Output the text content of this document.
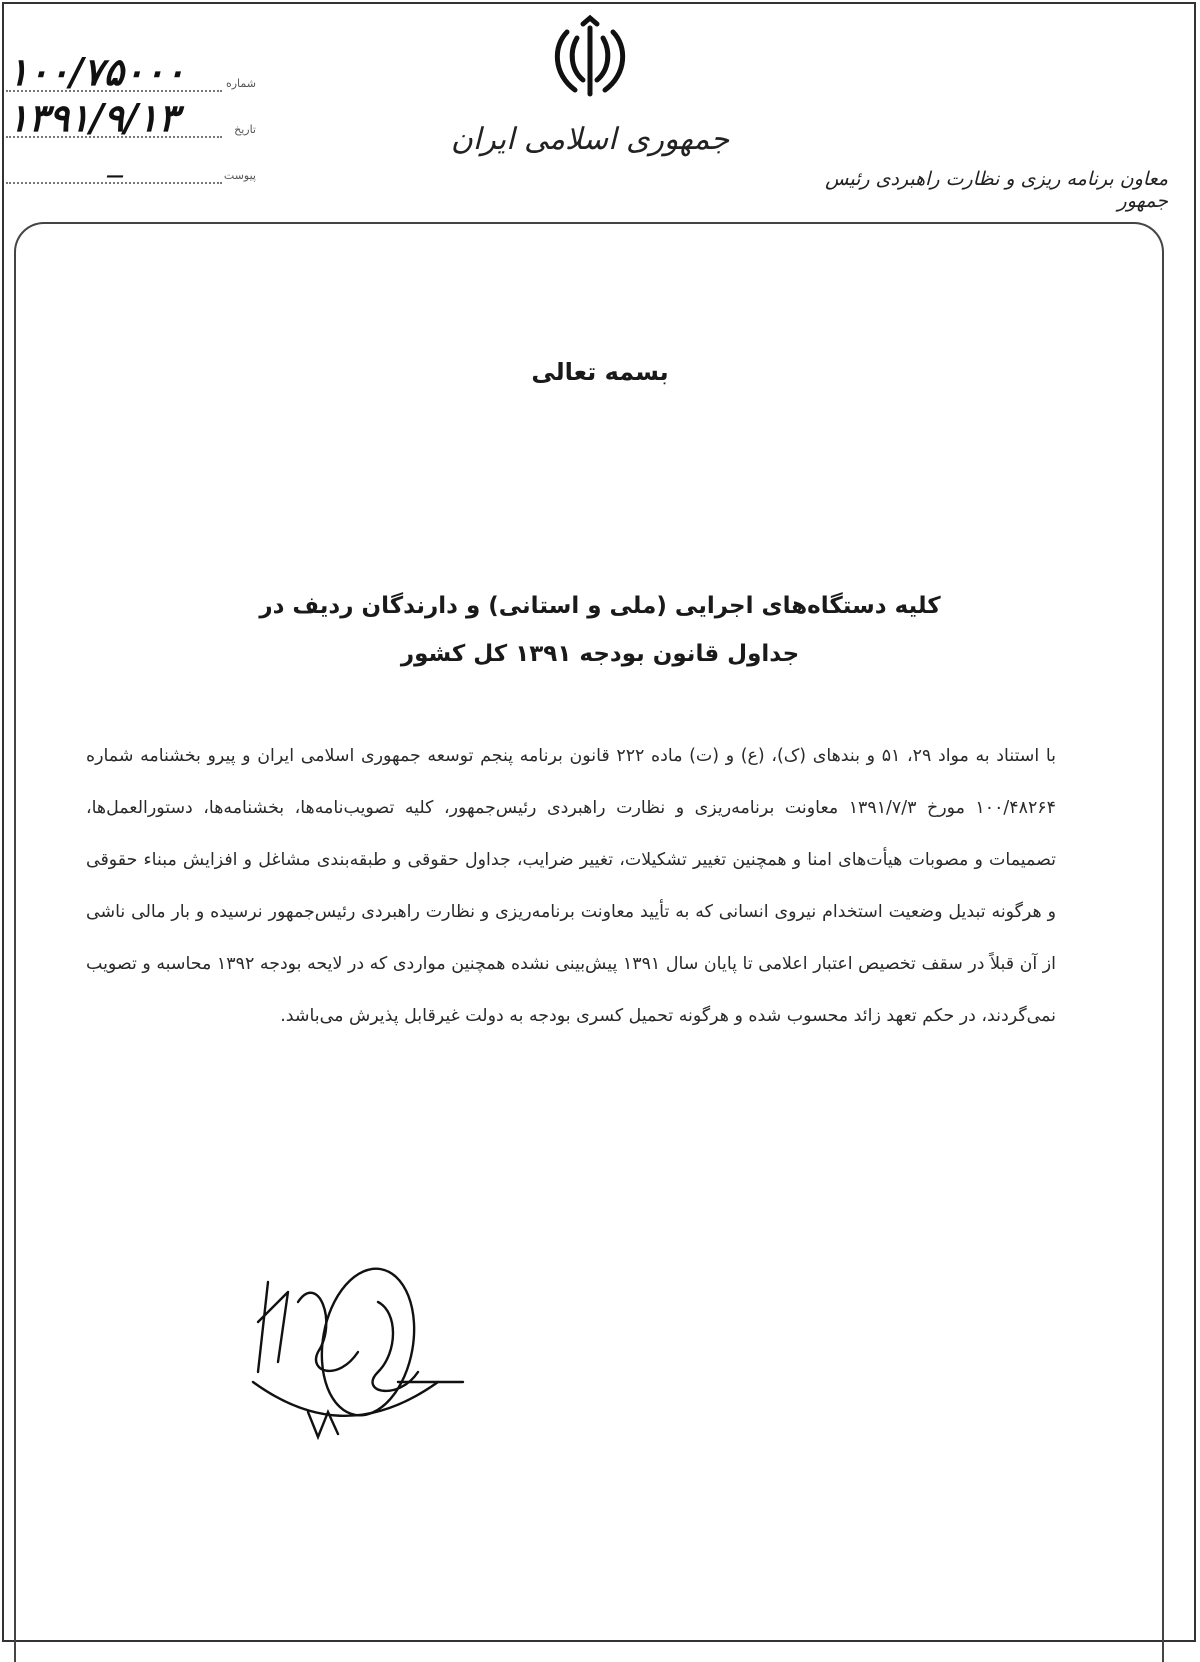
جمهوری اسلامی ایران
معاون برنامه ریزی و نظارت راهبردی رئیس جمهور
شماره
۱۰۰/۷۵۰۰۰
تاریخ
۱۳۹۱/۹/۱۳
پیوست
—
بسمه تعالی
کلیه دستگاه‌های اجرایی (ملی و استانی) و دارندگان ردیف در
جداول قانون بودجه ۱۳۹۱ کل کشور
با استناد به مواد ۲۹، ۵۱ و بندهای (ک)، (ع) و (ت) ماده ۲۲۲ قانون برنامه پنجم توسعه جمهوری اسلامی ایران و پیرو بخشنامه شماره ۱۰۰/۴۸۲۶۴ مورخ ۱۳۹۱/۷/۳ معاونت برنامه‌ریزی و نظارت راهبردی رئیس‌جمهور، کلیه تصویب‌نامه‌ها، بخشنامه‌ها، دستورالعمل‌ها، تصمیمات و مصوبات هیأت‌های امنا و همچنین تغییر تشکیلات، تغییر ضرایب، جداول حقوقی و طبقه‌بندی مشاغل و افزایش مبناء حقوقی و هرگونه تبدیل وضعیت استخدام نیروی انسانی که به تأیید معاونت برنامه‌ریزی و نظارت راهبردی رئیس‌جمهور نرسیده و بار مالی ناشی از آن قبلاً در سقف تخصیص اعتبار اعلامی تا پایان سال ۱۳۹۱ پیش‌بینی نشده همچنین مواردی که در لایحه بودجه ۱۳۹۲ محاسبه و تصویب نمی‌گردند، در حکم تعهد زائد محسوب شده و هرگونه تحمیل کسری بودجه به دولت غیرقابل پذیرش می‌باشد.
